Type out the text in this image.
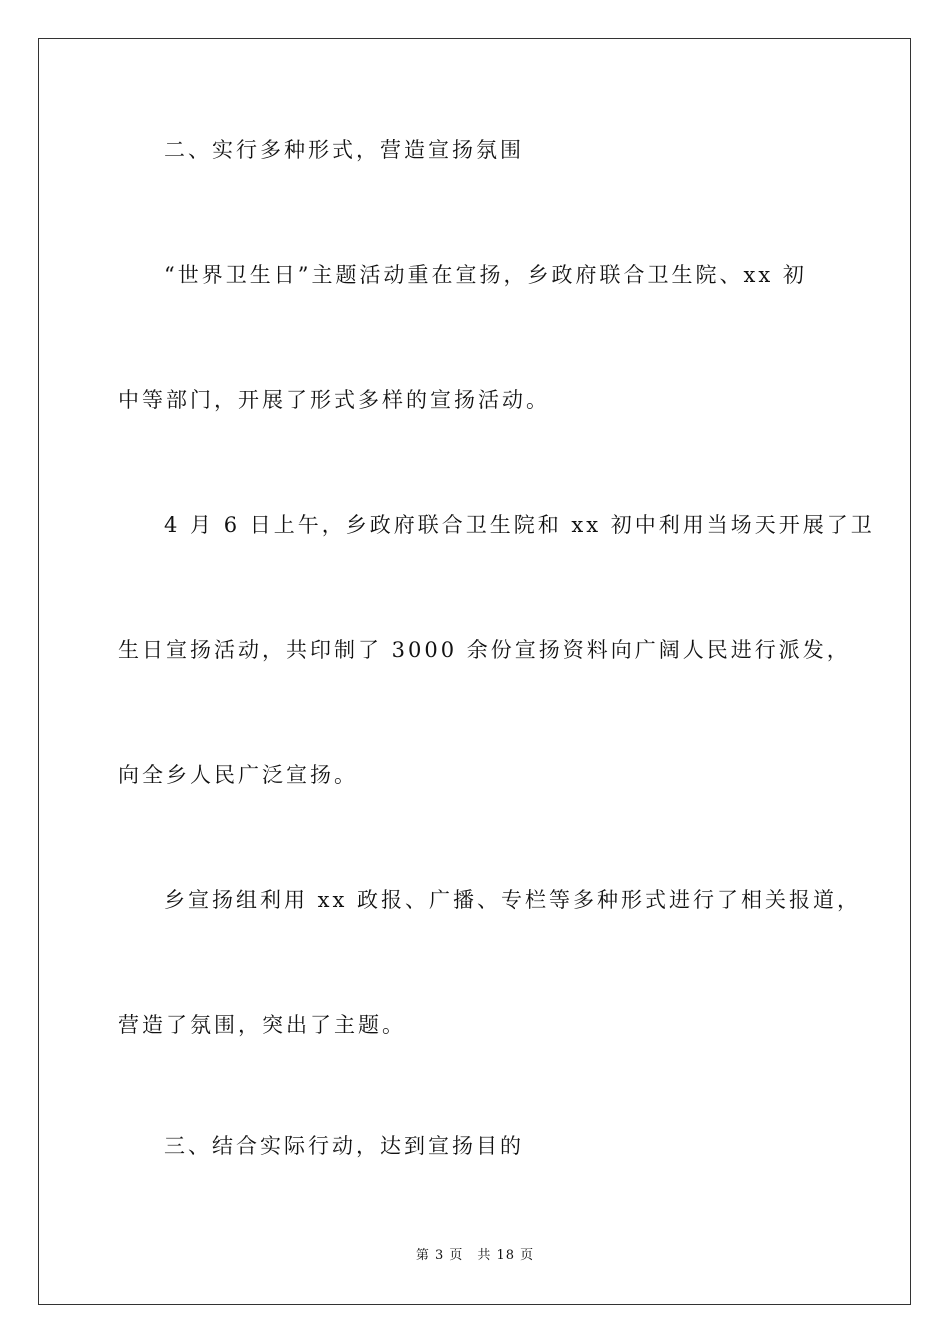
二、实行多种形式，营造宣扬氛围
“世界卫生日”主题活动重在宣扬，乡政府联合卫生院、xx 初
中等部门，开展了形式多样的宣扬活动。
4 月 6 日上午，乡政府联合卫生院和 xx 初中利用当场天开展了卫
生日宣扬活动，共印制了 3000 余份宣扬资料向广阔人民进行派发，
向全乡人民广泛宣扬。
乡宣扬组利用 xx 政报、广播、专栏等多种形式进行了相关报道，
营造了氛围，突出了主题。
三、结合实际行动，达到宣扬目的
第 3 页　共 18 页
